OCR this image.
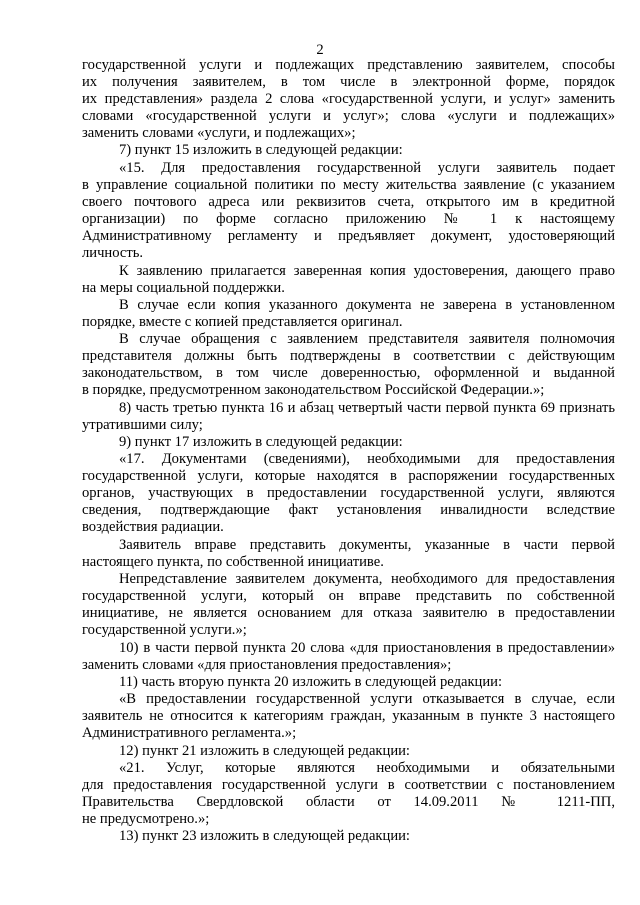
2
государственной услуги и подлежащих представлению заявителем, способы
их получения заявителем, в том числе в электронной форме, порядок
их представления» раздела 2 слова «государственной услуги, и услуг» заменить
словами «государственной услуги и услуг»; слова «услуги и подлежащих»
заменить словами «услуги, и подлежащих»;
7) пункт 15 изложить в следующей редакции:
«15. Для предоставления государственной услуги заявитель подает
в управление социальной политики по месту жительства заявление (с указанием
своего почтового адреса или реквизитов счета, открытого им в кредитной
организации) по форме согласно приложению № 1 к настоящему
Административному регламенту и предъявляет документ, удостоверяющий
личность.
К заявлению прилагается заверенная копия удостоверения, дающего право
на меры социальной поддержки.
В случае если копия указанного документа не заверена в установленном
порядке, вместе с копией представляется оригинал.
В случае обращения с заявлением представителя заявителя полномочия
представителя должны быть подтверждены в соответствии с действующим
законодательством, в том числе доверенностью, оформленной и выданной
в порядке, предусмотренном законодательством Российской Федерации.»;
8) часть третью пункта 16 и абзац четвертый части первой пункта 69 признать
утратившими силу;
9) пункт 17 изложить в следующей редакции:
«17. Документами (сведениями), необходимыми для предоставления
государственной услуги, которые находятся в распоряжении государственных
органов, участвующих в предоставлении государственной услуги, являются
сведения, подтверждающие факт установления инвалидности вследствие
воздействия радиации.
Заявитель вправе представить документы, указанные в части первой
настоящего пункта, по собственной инициативе.
Непредставление заявителем документа, необходимого для предоставления
государственной услуги, который он вправе представить по собственной
инициативе, не является основанием для отказа заявителю в предоставлении
государственной услуги.»;
10) в части первой пункта 20 слова «для приостановления в предоставлении»
заменить словами «для приостановления предоставления»;
11) часть вторую пункта 20 изложить в следующей редакции:
«В предоставлении государственной услуги отказывается в случае, если
заявитель не относится к категориям граждан, указанным в пункте 3 настоящего
Административного регламента.»;
12) пункт 21 изложить в следующей редакции:
«21. Услуг, которые являются необходимыми и обязательными
для предоставления государственной услуги в соответствии с постановлением
Правительства Свердловской области от 14.09.2011 № 1211-ПП,
не предусмотрено.»;
13) пункт 23 изложить в следующей редакции:
